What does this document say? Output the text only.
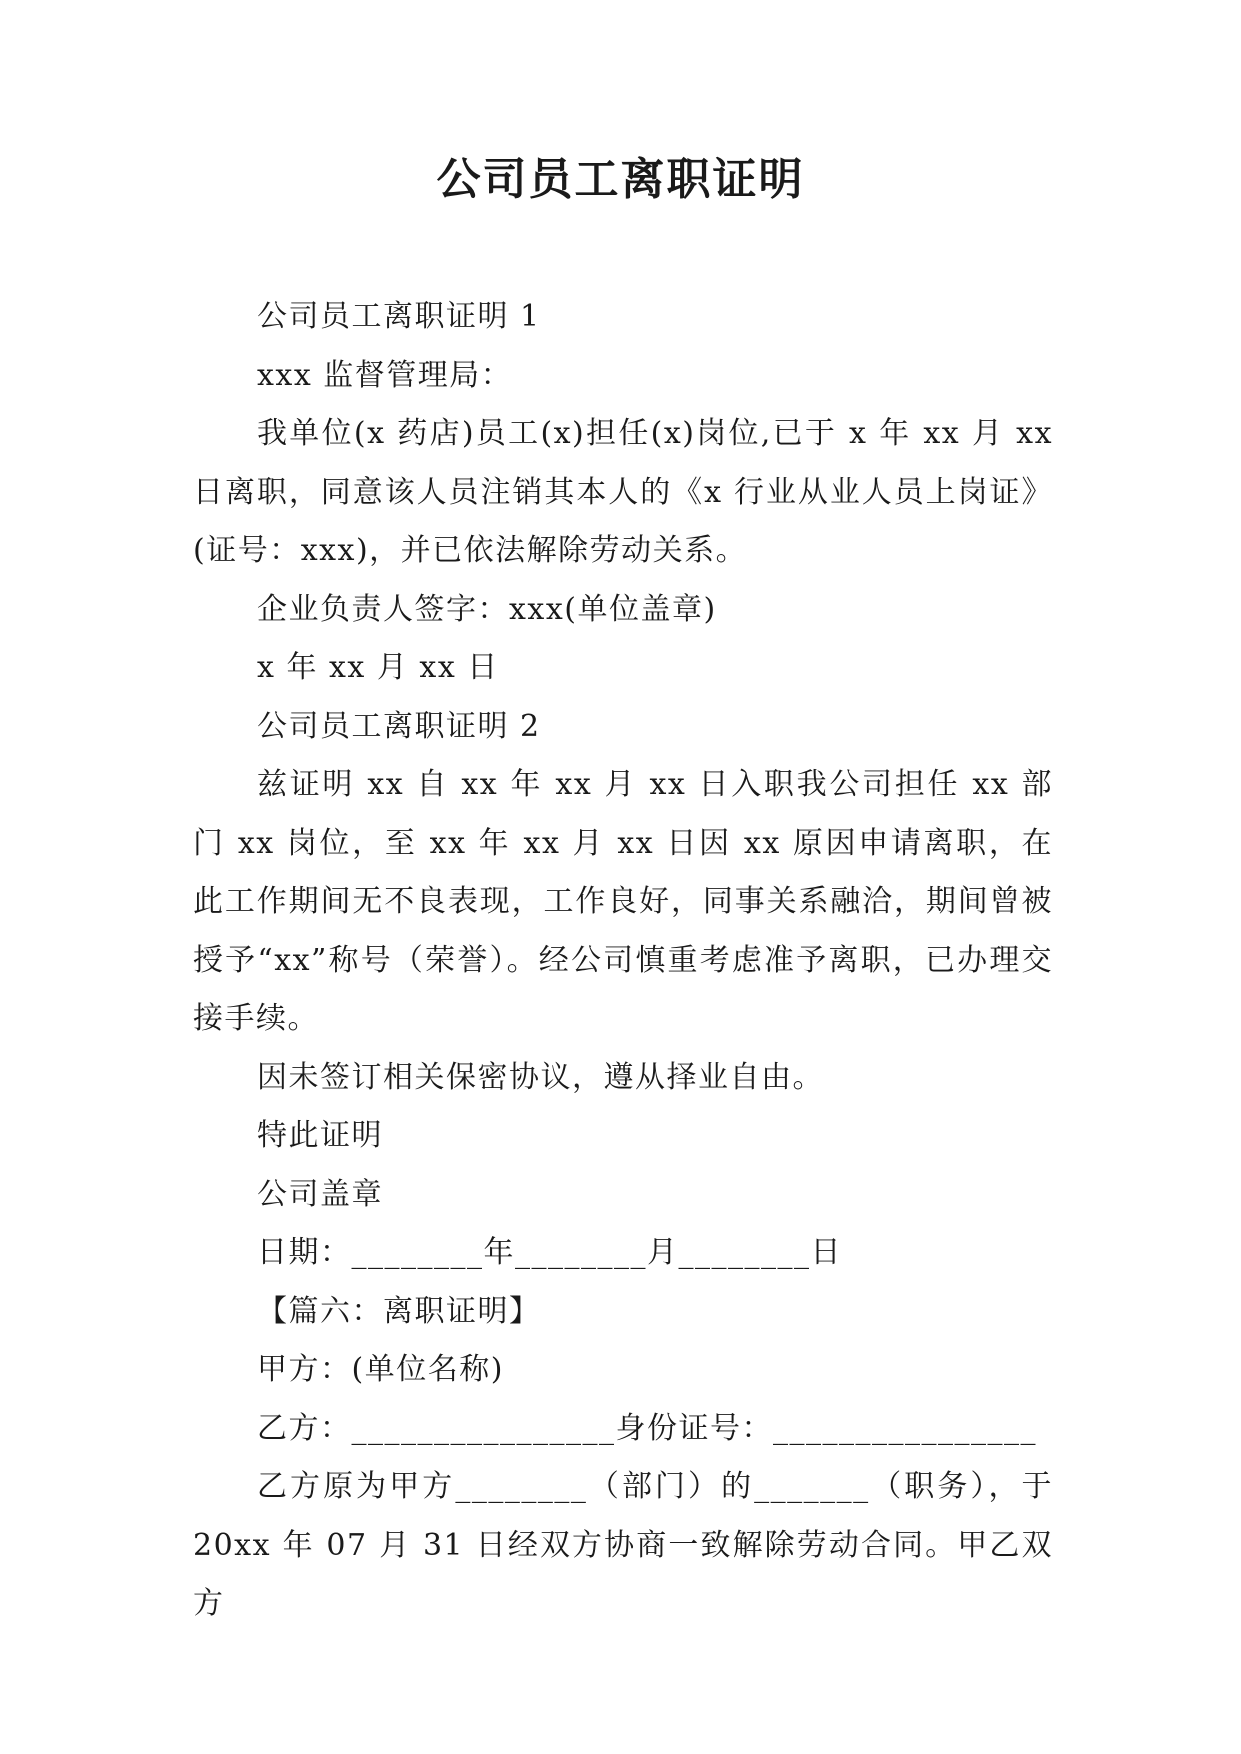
公司员工离职证明

公司员工离职证明 1

xxx 监督管理局：

我单位(x 药店)员工(x)担任(x)岗位,已于 x 年 xx 月 xx 日离职，同意该人员注销其本人的《x 行业从业人员上岗证》(证号：xxx)，并已依法解除劳动关系。

企业负责人签字：xxx(单位盖章)

x 年 xx 月 xx 日

公司员工离职证明 2

兹证明 xx 自 xx 年 xx 月 xx 日入职我公司担任 xx 部门 xx 岗位，至 xx 年 xx 月 xx 日因 xx 原因申请离职，在此工作期间无不良表现，工作良好，同事关系融洽，期间曾被授予“xx”称号（荣誉）。经公司慎重考虑准予离职，已办理交接手续。

因未签订相关保密协议，遵从择业自由。

特此证明

公司盖章

日期：________年________月________日

【篇六：离职证明】

甲方：(单位名称)

乙方：________________身份证号：________________

乙方原为甲方________（部门）的_______（职务），于 20xx 年 07 月 31 日经双方协商一致解除劳动合同。甲乙双方
